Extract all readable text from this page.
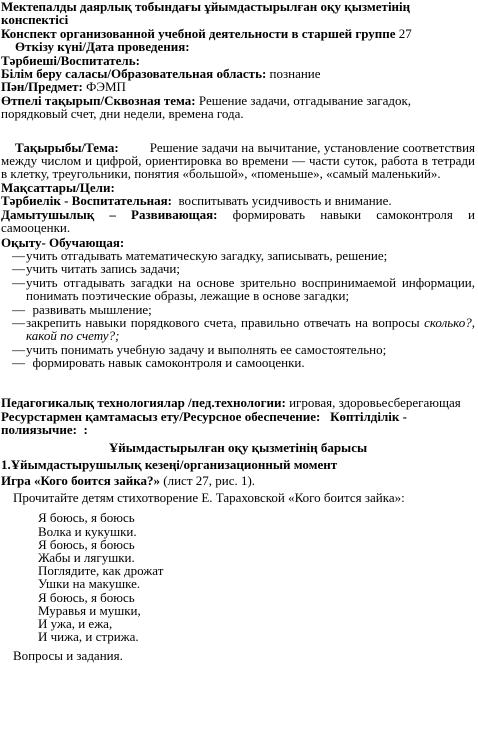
Мектепалды даярлық тобындағы ұйымдастырылған оқу қызметінің конспектісі

Конспект организованной учебной деятельности в старшей группе 27

Өткізу күні/Дата проведения:

Тәрбиеші/Воспитатель:

Білім беру саласы/Образовательная область: познание

Пән/Предмет: ФЭМП

Өтпелі тақырып/Сквозная тема: Решение задачи, отгадывание загадок, порядковый счет, дни недели, времена года.

Тақырыбы/Тема: Решение задачи на вычитание, установление соответствия между числом и цифрой, ориентировка во времени — части суток, работа в тетради в клетку, треугольники, понятия «большой», «поменьше», «самый маленький».

Мақсаттары/Цели:

Тәрбиелік - Воспитательная: воспитывать усидчивость и внимание.

Дамытушылық – Развивающая: формировать навыки самоконтроля и самооценки.

Оқыту- Обучающая:

— учить отгадывать математическую загадку, записывать, решение;
— учить читать запись задачи;
— учить отгадывать загадки на основе зрительно воспринимаемой информации, понимать поэтические образы, лежащие в основе загадки;
— развивать мышление;
— закрепить навыки порядкового счета, правильно отвечать на вопросы сколько?, какой по счету?;
— учить понимать учебную задачу и выполнять ее самостоятельно;
— формировать навык самоконтроля и самооценки.

Педагогикалық технологиялар /пед.технологии: игровая, здоровьесберегающая

Ресурстармен қамтамасыз ету/Ресурсное обеспечение: Көптілділік - полиязычие: :

Ұйымдастырылған оқу қызметінің барысы

1.Ұйымдастырушылық кезеңі/организационный момент

Игра «Кого боится зайка?» (лист 27, рис. 1).

Прочитайте детям стихотворение Е. Тараховской «Кого боится зайка»:

Я боюсь, я боюсь

Волка и кукушки.

Я боюсь, я боюсь

Жабы и лягушки.

Поглядите, как дрожат

Ушки на макушке.

Я боюсь, я боюсь

Муравья и мушки,

И ужа, и ежа,

И чижа, и стрижа.

Вопросы и задания.
